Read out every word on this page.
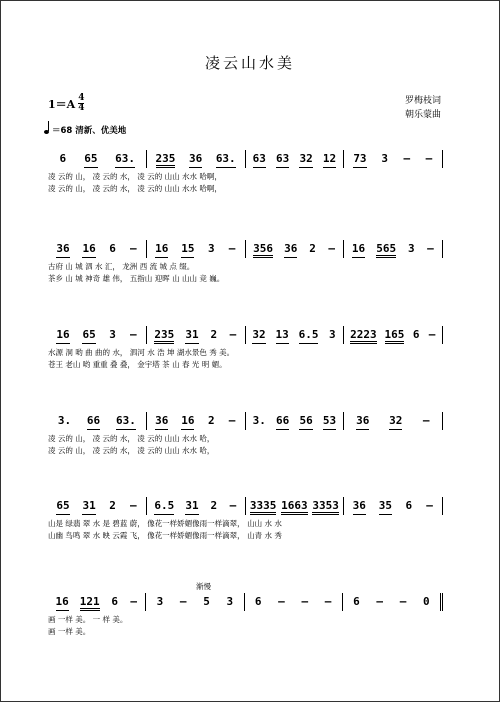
凌云山水美
1＝A 4
4
罗梅枝词
朝乐蒙曲
＝68 清新、优美地
6 65 63. 235 36 63. 63 63 32 12 73 3 – –
凌 云的 山， 凌 云的 水， 凌 云的 山山 水水 哈啊，
凌 云的 山， 凌 云的 水， 凌 云的 山山 水水 哈啊，
36 16 6 – 16 15 3 – 356 36 2 – 16 565 3 –
古府 山 城 泗 水 汇， 龙洲 西 流 城 点 缀。
茶乡 山 城 神奇 雄 伟， 五指山 迎晖 山 山山 竞 巍。
16 65 3 – 235 31 2 – 32 13 6.5 3 2223 165 6 –
水源 洞 哟 曲 曲的 水， 泗河 水 浩 坤 湖水景色 秀 美。
苍王 老山 哟 重重 叠 叠， 金宇塔 茶 山 春 光 明 媚。
3. 66 63. 36 16 2 – 3. 66 56 53 36 32 –
凌 云的 山， 凌 云的 水， 凌 云的 山山 水水 哈，
凌 云的 山， 凌 云的 水， 凌 云的 山山 水水 哈，
65 31 2 – 6.5 31 2 – 3335 1663 3353 36 35 6 –
山是 绿翡 翠 水 是 碧蓝 蔚， 像花一样娇媚像雨一样滴翠， 山山 水 水
山幽 鸟鸣 翠 水 映 云霞 飞， 像花一样娇媚像雨一样滴翠， 山青 水 秀
16 121 6 – 3 – 5 3 6 – – – 6 – – 0
渐慢
画 一样 美。 一 样 美。
画 一样 美。
